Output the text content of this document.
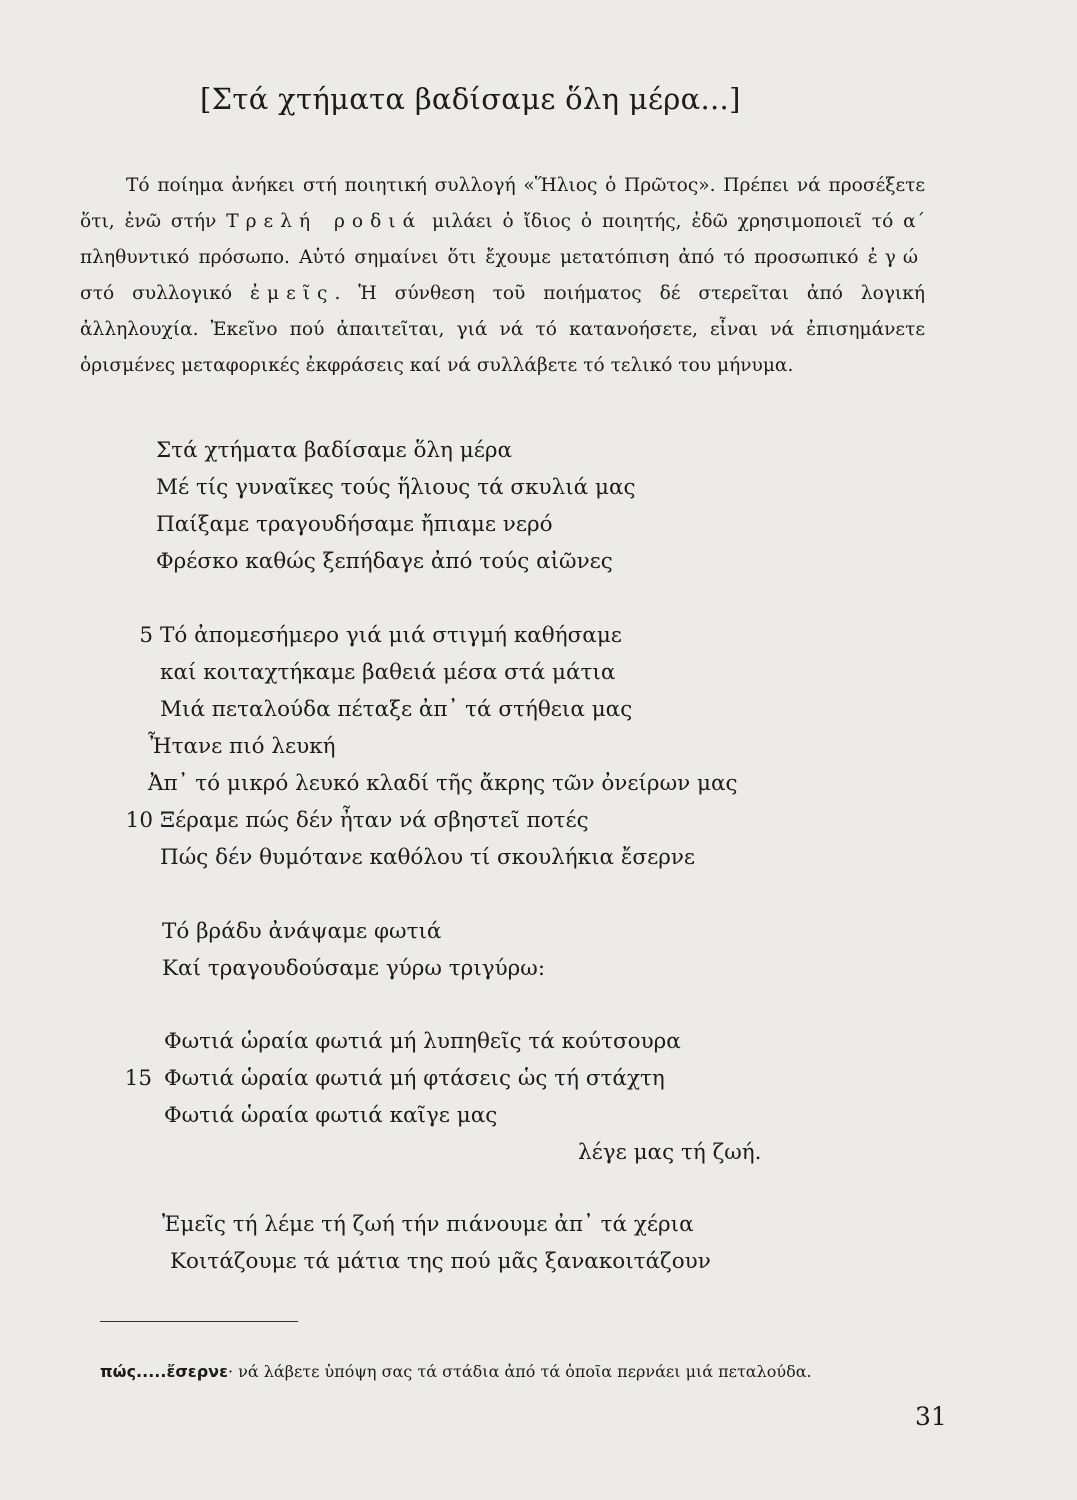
[Στά χτήματα βαδίσαμε ὅλη μέρα...]
Τό ποίημα ἀνήκει στή ποιητική συλλογή «Ἥλιος ὁ Πρῶτος». Πρέπει νά προσέξετε ὅτι, ἐνῶ στήν Τρελή ροδιά μιλάει ὁ ἴδιος ὁ ποιητής, ἐδῶ χρησιμοποιεῖ τό α΄ πληθυντικό πρόσωπο. Αὐτό σημαίνει ὅτι ἔχουμε μετατόπιση ἀπό τό προσωπικό ἐγώ στό συλλογικό ἐμεῖς. Ἡ σύνθεση τοῦ ποιήματος δέ στερεῖται ἀπό λογική ἀλληλουχία. Ἐκεῖνο πού ἀπαιτεῖται, γιά νά τό κατανοήσετε, εἶναι νά ἐπισημάνετε ὁρισμένες μεταφορικές ἐκφράσεις καί νά συλλάβετε τό τελικό του μήνυμα.
Στά χτήματα βαδίσαμε ὅλη μέρα
Μέ τίς γυναῖκες τούς ἥλιους τά σκυλιά μας
Παίξαμε τραγουδήσαμε ἤπιαμε νερό
Φρέσκο καθώς ξεπήδαγε ἀπό τούς αἰῶνες
5 Τό ἀπομεσήμερο γιά μιά στιγμή καθήσαμε
καί κοιταχτήκαμε βαθειά μέσα στά μάτια
Μιά πεταλούδα πέταξε ἀπ᾽ τά στήθεια μας
Ἦτανε πιό λευκή
Ἀπ᾽ τό μικρό λευκό κλαδί τῆς ἄκρης τῶν ὀνείρων μας
10 Ξέραμε πώς δέν ἦταν νά σβηστεῖ ποτές
Πώς δέν θυμότανε καθόλου τί σκουλήκια ἔσερνε
Τό βράδυ ἀνάψαμε φωτιά
Καί τραγουδούσαμε γύρω τριγύρω:
Φωτιά ὡραία φωτιά μή λυπηθεῖς τά κούτσουρα
15 Φωτιά ὡραία φωτιά μή φτάσεις ὡς τή στάχτη
Φωτιά ὡραία φωτιά καῖγε μας
λέγε μας τή ζωή.
Ἐμεῖς τή λέμε τή ζωή τήν πιάνουμε ἀπ᾽ τά χέρια
Κοιτάζουμε τά μάτια της πού μᾶς ξανακοιτάζουν
πώς.....ἔσερνε· νά λάβετε ὑπόψη σας τά στάδια ἀπό τά ὁποῖα περνάει μιά πεταλούδα.
31
